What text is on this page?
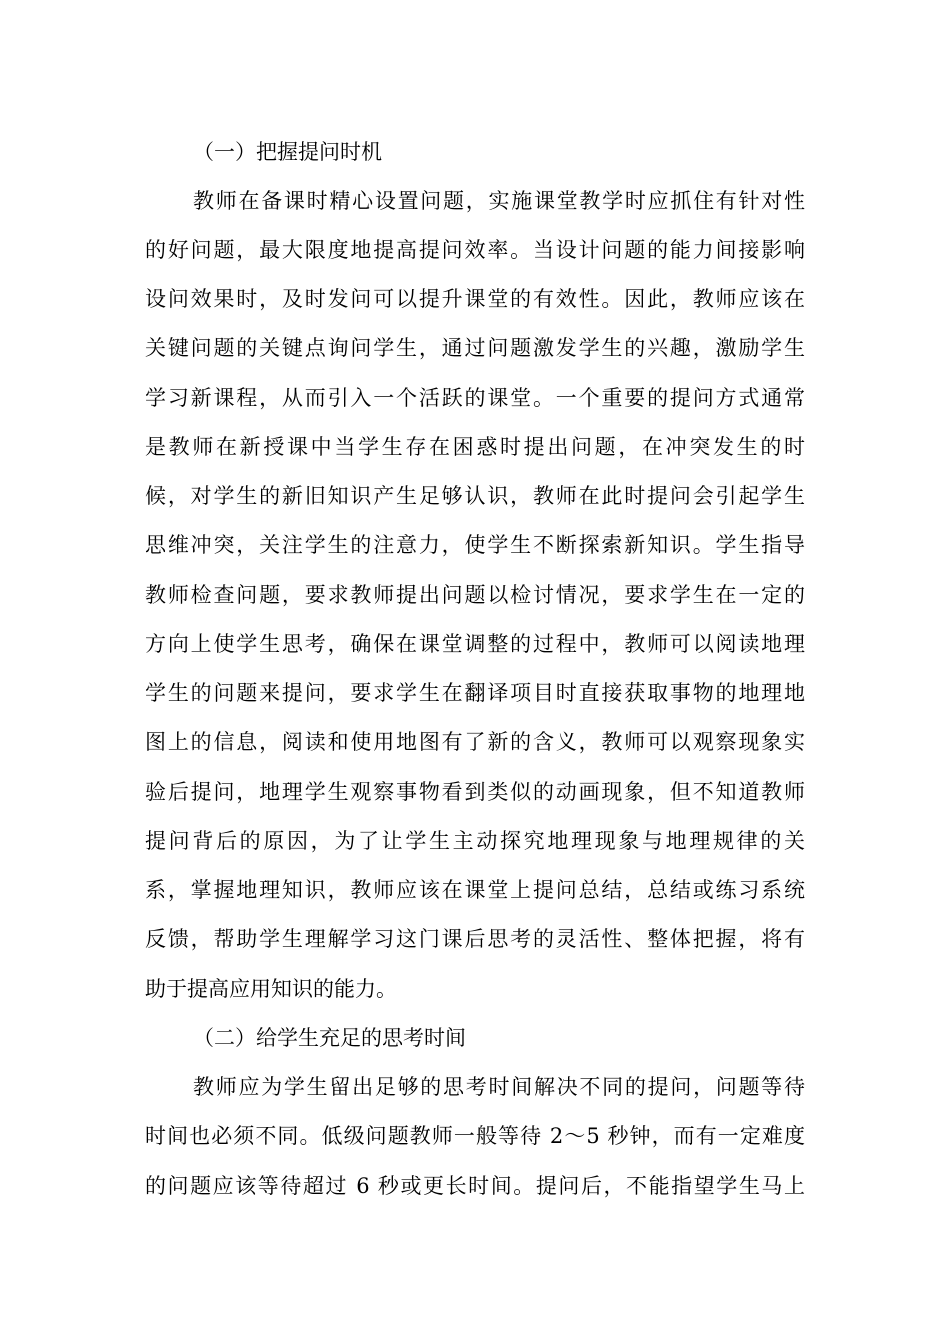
（一）把握提问时机
教师在备课时精心设置问题，实施课堂教学时应抓住有针对性
的好问题，最大限度地提高提问效率。当设计问题的能力间接影响
设问效果时，及时发问可以提升课堂的有效性。因此，教师应该在
关键问题的关键点询问学生，通过问题激发学生的兴趣，激励学生
学习新课程，从而引入一个活跃的课堂。一个重要的提问方式通常
是教师在新授课中当学生存在困惑时提出问题，在冲突发生的时
候，对学生的新旧知识产生足够认识，教师在此时提问会引起学生
思维冲突，关注学生的注意力，使学生不断探索新知识。学生指导
教师检查问题，要求教师提出问题以检讨情况，要求学生在一定的
方向上使学生思考，确保在课堂调整的过程中，教师可以阅读地理
学生的问题来提问，要求学生在翻译项目时直接获取事物的地理地
图上的信息，阅读和使用地图有了新的含义，教师可以观察现象实
验后提问，地理学生观察事物看到类似的动画现象，但不知道教师
提问背后的原因，为了让学生主动探究地理现象与地理规律的关
系，掌握地理知识，教师应该在课堂上提问总结，总结或练习系统
反馈，帮助学生理解学习这门课后思考的灵活性、整体把握，将有
助于提高应用知识的能力。
（二）给学生充足的思考时间
教师应为学生留出足够的思考时间解决不同的提问，问题等待
时间也必须不同。低级问题教师一般等待 2～5 秒钟，而有一定难度
的问题应该等待超过 6 秒或更长时间。提问后，不能指望学生马上
